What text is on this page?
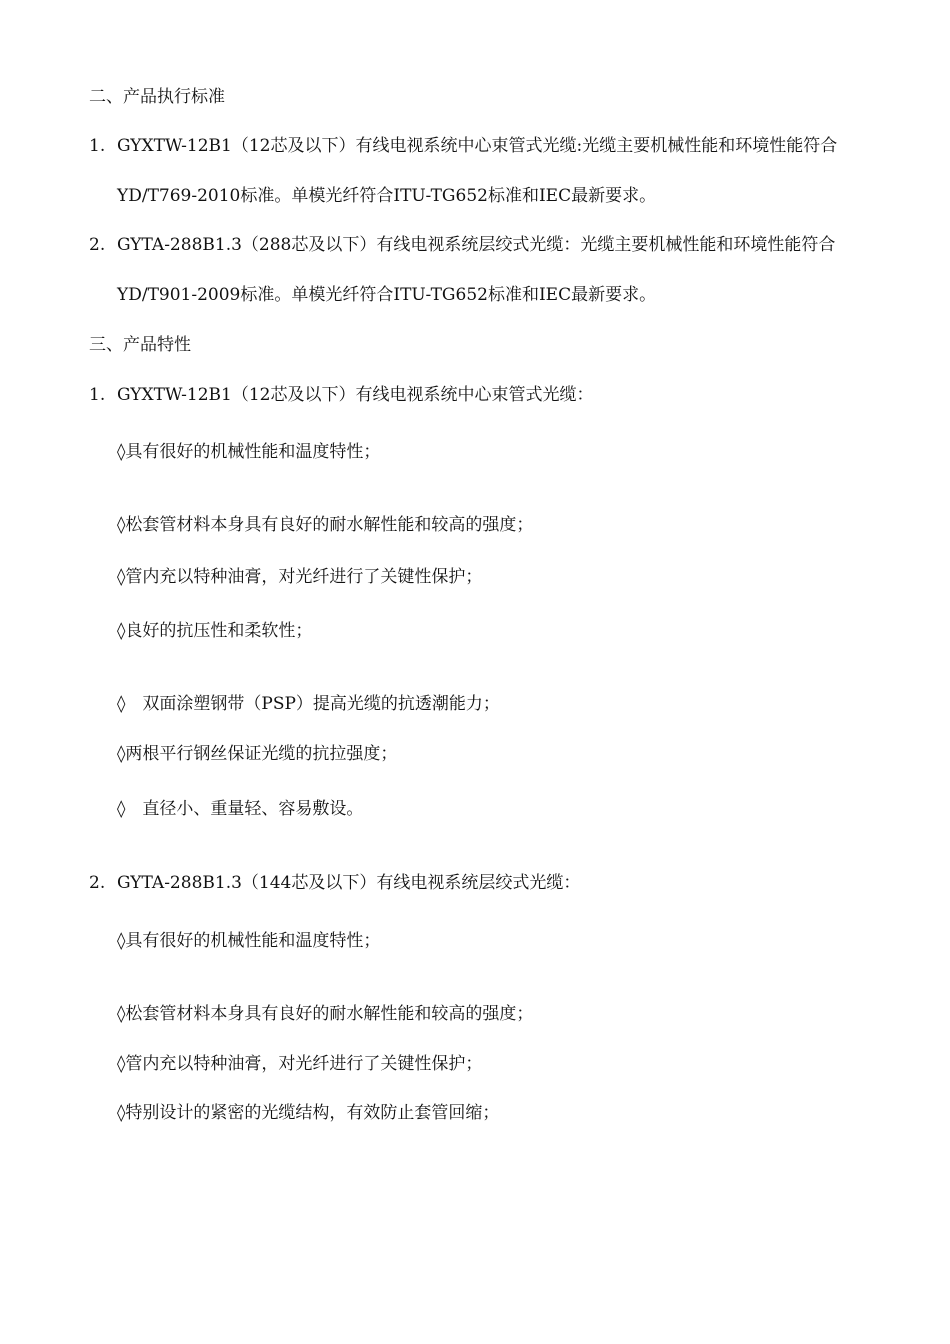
二、产品执行标准
1. GYXTW-12B1（12芯及以下）有线电视系统中心束管式光缆:光缆主要机械性能和环境性能符合
YD/T769-2010标准。单模光纤符合ITU-TG652标准和IEC最新要求。
2. GYTA-288B1.3（288芯及以下）有线电视系统层绞式光缆：光缆主要机械性能和环境性能符合
YD/T901-2009标准。单模光纤符合ITU-TG652标准和IEC最新要求。
三、产品特性
1. GYXTW-12B1（12芯及以下）有线电视系统中心束管式光缆：
◊具有很好的机械性能和温度特性；
◊松套管材料本身具有良好的耐水解性能和较高的强度；
◊管内充以特种油膏，对光纤进行了关键性保护；
◊良好的抗压性和柔软性；
◊　双面涂塑钢带（PSP）提高光缆的抗透潮能力；
◊两根平行钢丝保证光缆的抗拉强度；
◊　直径小、重量轻、容易敷设。
2. GYTA-288B1.3（144芯及以下）有线电视系统层绞式光缆：
◊具有很好的机械性能和温度特性；
◊松套管材料本身具有良好的耐水解性能和较高的强度；
◊管内充以特种油膏，对光纤进行了关键性保护；
◊特别设计的紧密的光缆结构，有效防止套管回缩；
